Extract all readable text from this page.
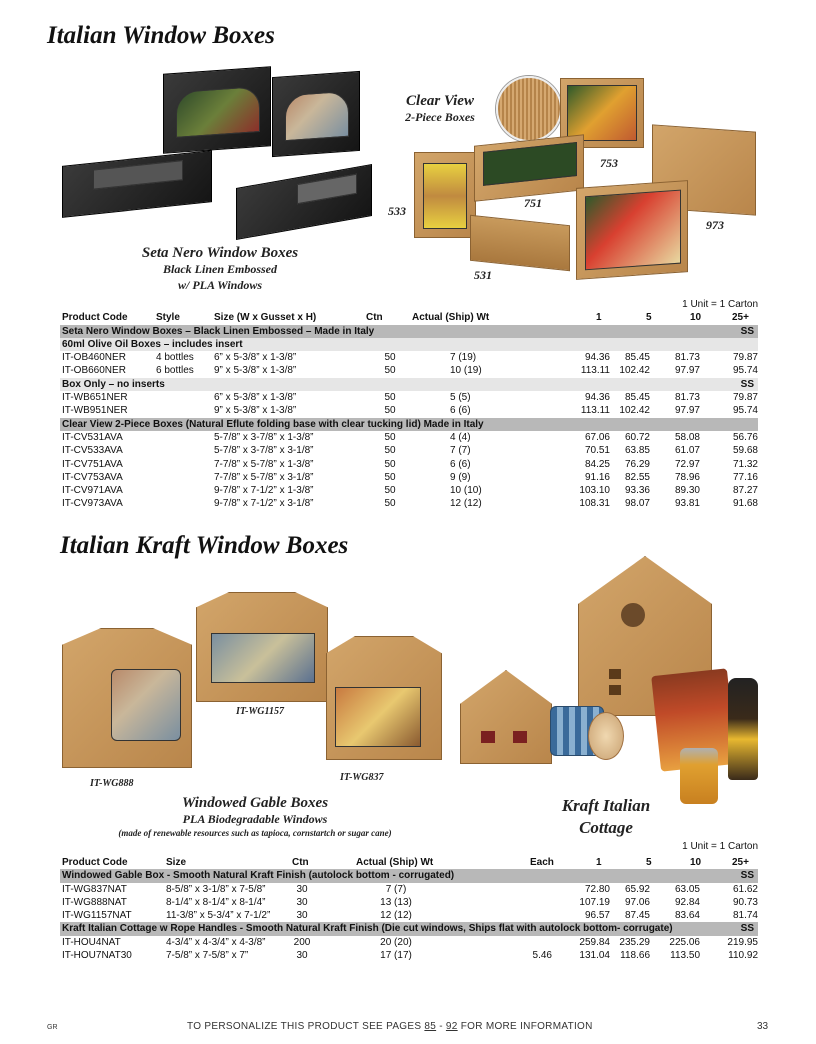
Italian Window Boxes
Seta Nero Window Boxes
Black Linen Embossed
w/ PLA Windows
Clear View
2-Piece Boxes
753
751
533
973
531
1 Unit = 1 Carton
Product Code	Style	Size (W x Gusset x H)	Ctn	Actual (Ship) Wt	1	5	10	25+
Seta Nero Window Boxes – Black Linen Embossed – Made in Italy	SS
60ml Olive Oil Boxes – includes insert
IT-OB460NER	4 bottles 6” x 5-3/8” x 1-3/8”	50	7 (19)	94.36 85.45 81.73	79.87
IT-OB660NER	6 bottles 9” x 5-3/8” x 1-3/8”	50	10 (19)	113.11 102.42 97.97	95.74
Box Only – no inserts	SS
IT-WB651NER	6” x 5-3/8” x 1-3/8”	50	5 (5)	94.36 85.45 81.73	79.87
IT-WB951NER	9” x 5-3/8” x 1-3/8”	50	6 (6)	113.11 102.42 97.97	95.74
Clear View 2-Piece Boxes (Natural Eflute folding base with clear tucking lid) Made in Italy
IT-CV531AVA	5-7/8” x 3-7/8” x 1-3/8”	50	4 (4)	67.06 60.72 58.08	56.76
IT-CV533AVA	5-7/8” x 3-7/8” x 3-1/8”	50	7 (7)	70.51 63.85 61.07	59.68
IT-CV751AVA	7-7/8” x 5-7/8” x 1-3/8”	50	6 (6)	84.25 76.29 72.97	71.32
IT-CV753AVA	7-7/8” x 5-7/8” x 3-1/8”	50	9 (9)	91.16 82.55 78.96	77.16
IT-CV971AVA	9-7/8” x 7-1/2” x 1-3/8”	50	10 (10)	103.10 93.36 89.30	87.27
IT-CV973AVA	9-7/8” x 7-1/2” x 3-1/8”	50	12 (12)	108.31 98.07 93.81	91.68
Italian Kraft Window Boxes
IT-WG1157
IT-WG888
IT-WG837
Windowed Gable Boxes
PLA Biodegradable Windows
(made of renewable resources such as tapioca, cornstartch or sugar cane)
Kraft Italian
Cottage
1 Unit = 1 Carton
Product Code	Size	Ctn	Actual (Ship) Wt	Each	1	5	10	25+
Windowed Gable Box - Smooth Natural Kraft Finish (autolock bottom - corrugated)	SS
IT-WG837NAT	8-5/8” x 3-1/8” x 7-5/8”	30	7 (7)	72.80 65.92 63.05	61.62
IT-WG888NAT	8-1/4” x 8-1/4” x 8-1/4”	30	13 (13)	107.19 97.06 92.84	90.73
IT-WG1157NAT	11-3/8” x 5-3/4” x 7-1/2”	30	12 (12)	96.57 87.45 83.64	81.74
Kraft Italian Cottage w Rope Handles - Smooth Natural Kraft Finish (Die cut windows, Ships flat with autolock bottom- corrugate)	SS
IT-HOU4NAT	4-3/4” x 4-3/4” x 4-3/8”	200	20 (20)	259.84 235.29 225.06	219.95
IT-HOU7NAT30	7-5/8” x 7-5/8” x 7”	30	17 (17)	5.46	131.04 118.66 113.50	110.92
GR	TO PERSONALIZE THIS PRODUCT SEE PAGES 85 - 92 FOR MORE INFORMATION	33
